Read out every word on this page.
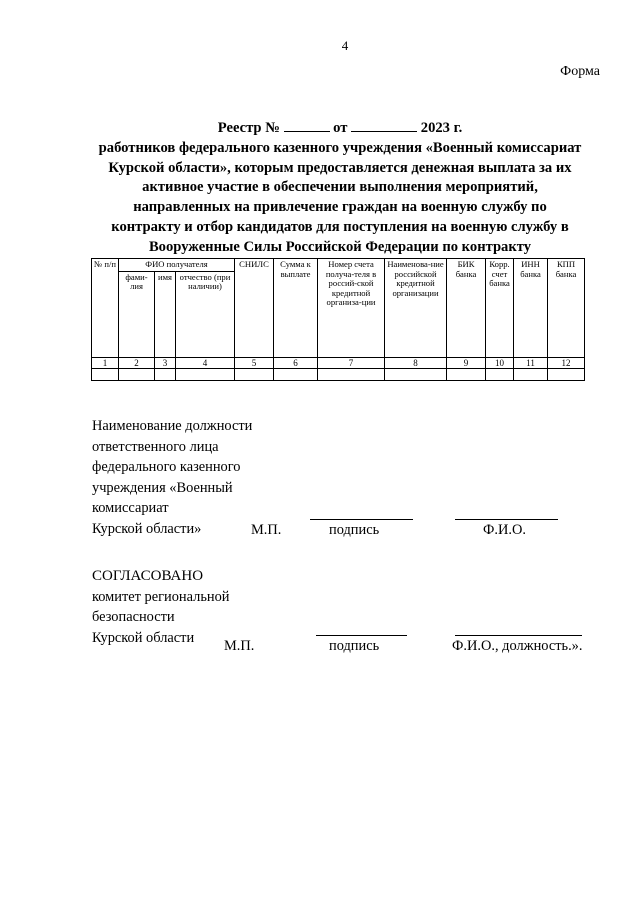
4
Форма
Реестр №	от	2023 г.
работников федерального казенного учреждения «Военный комиссариат
Курской области», которым предоставляется денежная выплата за их
активное участие в обеспечении выполнения мероприятий,
направленных на привлечение граждан на военную службу по
контракту и отбор кандидатов для поступления на военную службу в
Вооруженные Силы Российской Федерации по контракту
№ п/п	ФИО получателя			СНИЛС	Сумма к выплате	Номер счета получа-теля в россий-ской кредитной организа-ции	Наименова-ние российской кредитной организации	БИК банка	Корр. счет банка	ИНН банка	КПП банка
	фами-лия	имя	отчество (при наличии)								
1	2	3	4	5	6	7	8	9	10	11	12

Наименование должности
ответственного лица
федерального казенного
учреждения «Военный
комиссариат
Курской области»	М.П.	подпись	Ф.И.О.
СОГЛАСОВАНО
комитет региональной
безопасности
Курской области
М.П.	подпись	Ф.И.О., должность.».
